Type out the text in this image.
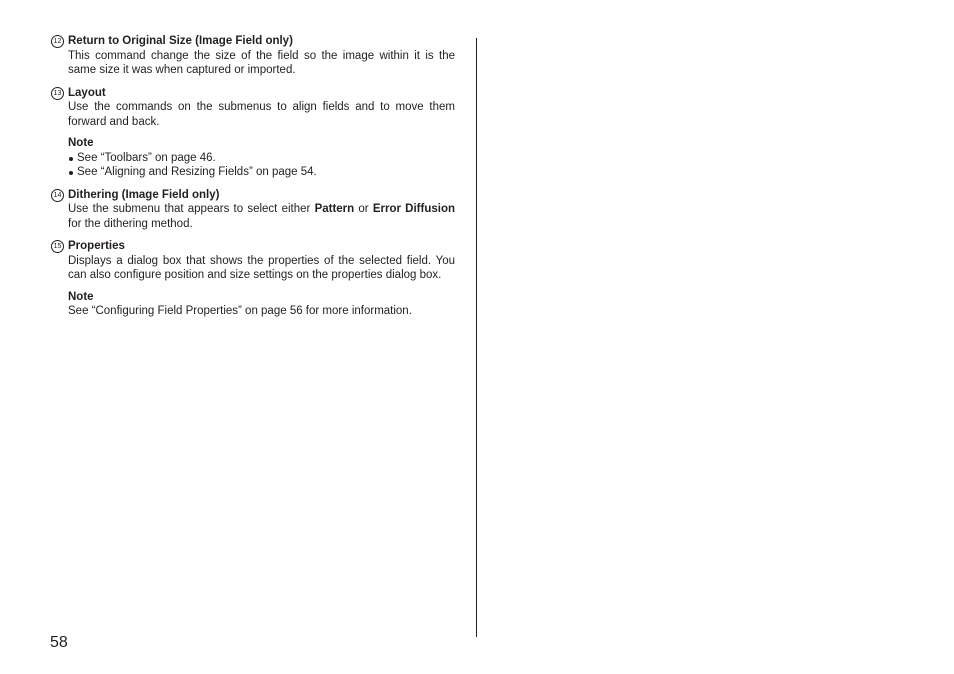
12 Return to Original Size (Image Field only)

This command change the size of the field so the image within it is the same size it was when captured or imported.

13 Layout

Use the commands on the submenus to align fields and to move them forward and back.

Note

See “Toolbars” on page 46.
See “Aligning and Resizing Fields” on page 54.
14 Dithering (Image Field only)

Use the submenu that appears to select either Pattern or Error Diffusion for the dithering method.

15 Properties

Displays a dialog box that shows the properties of the selected field. You can also configure position and size settings on the properties dialog box.

Note

See “Configuring Field Properties” on page 56 for more information.

58
